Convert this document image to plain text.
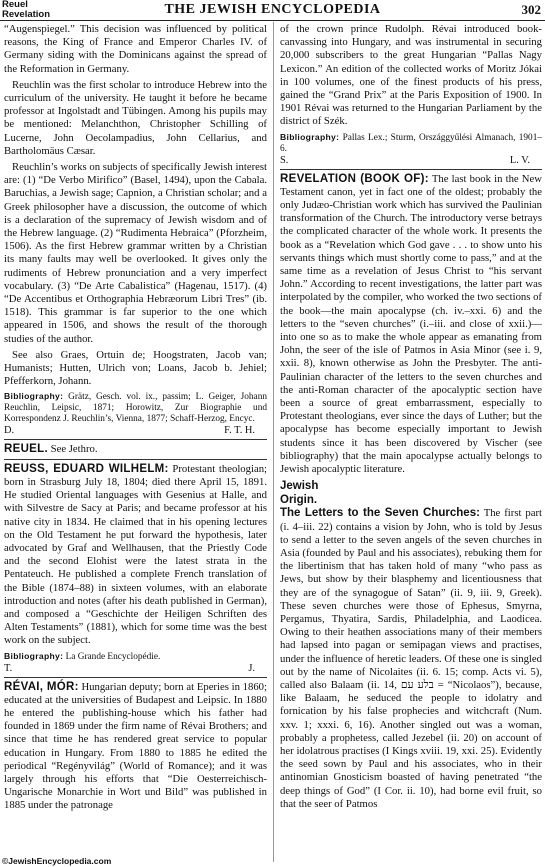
Reuel
Revelation	THE JEWISH ENCYCLOPEDIA	302

“Augenspiegel.” This decision was influenced by political reasons, the King of France and Emperor Charles IV. of Germany siding with the Dominicans against the spread of the Reformation in Germany.

Reuchlin was the first scholar to introduce Hebrew into the curriculum of the university. He taught it before he became professor at Ingolstadt and Tübingen. Among his pupils may be mentioned: Melanchthon, Christopher Schilling of Lucerne, John Oecolampadius, John Cellarius, and Bartholomäus Cæsar.

Reuchlin’s works on subjects of specifically Jewish interest are: (1) “De Verbo Mirifico” (Basel, 1494), upon the Cabala. Baruchias, a Jewish sage; Capnion, a Christian scholar; and a Greek philosopher have a discussion, the outcome of which is a declaration of the supremacy of Jewish wisdom and of the Hebrew language. (2) “Rudimenta Hebraica” (Pforzheim, 1506). As the first Hebrew grammar written by a Christian its many faults may well be overlooked. It gives only the rudiments of Hebrew pronunciation and a very imperfect vocabulary. (3) “De Arte Cabalistica” (Hagenau, 1517). (4) “De Accentibus et Orthographia Hebræorum Libri Tres” (ib. 1518). This grammar is far superior to the one which appeared in 1506, and shows the result of the thorough studies of the author.

See also Graes, Ortuin de; Hoogstraten, Jacob van; Humanists; Hutten, Ulrich von; Loans, Jacob b. Jehiel; Pfefferkorn, Johann.

Bibliography: Grätz, Gesch. vol. ix., passim; L. Geiger, Johann Reuchlin, Leipsic, 1871; Horowitz, Zur Biographie und Korrespondenz J. Reuchlin’s, Vienna, 1877; Schaff-Herzog, Encyc.
D.	F. T. H.

REUEL. See Jethro.

REUSS, EDUARD WILHELM: Protestant theologian; born in Strasburg July 18, 1804; died there April 15, 1891. He studied Oriental languages with Gesenius at Halle, and with Silvestre de Sacy at Paris; and became professor at his native city in 1834. He claimed that in his opening lectures on the Old Testament he put forward the hypothesis, later advocated by Graf and Wellhausen, that the Priestly Code and the second Elohist were the latest strata in the Pentateuch. He published a complete French translation of the Bible (1874–88) in sixteen volumes, with an elaborate introduction and notes (after his death published in German), and composed a “Geschichte der Heiligen Schriften des Alten Testaments” (1881), which for some time was the best work on the subject.

Bibliography: La Grande Encyclopédie.
T.	J.

RÉVAI, MÓR: Hungarian deputy; born at Eperies in 1860; educated at the universities of Budapest and Leipsic. In 1880 he entered the publishing-house which his father had founded in 1869 under the firm name of Révai Brothers; and since that time he has rendered great service to popular education in Hungary. From 1880 to 1885 he edited the periodical “Regényvilág” (World of Romance); and it was largely through his efforts that “Die Oesterreichisch-Ungarische Monarchie in Wort und Bild” was published in 1885 under the patronage

of the crown prince Rudolph. Révai introduced book-canvassing into Hungary, and was instrumental in securing 20,000 subscribers to the great Hungarian “Pallas Nagy Lexicon.” An edition of the collected works of Moritz Jókai in 100 volumes, one of the finest products of his press, gained the “Grand Prix” at the Paris Exposition of 1900. In 1901 Révai was returned to the Hungarian Parliament by the district of Szék.

Bibliography: Pallas Lex.; Sturm, Országgyűlési Almanach, 1901–6.
S.	L. V.

REVELATION (BOOK OF): The last book in the New Testament canon, yet in fact one of the oldest; probably the only Judæo-Christian work which has survived the Paulinian transformation of the Church. The introductory verse betrays the complicated character of the whole work. It presents the book as a “Revelation which God gave . . . to show unto his servants things which must shortly come to pass,” and at the same time as a revelation of Jesus Christ to “his servant John.” According to recent investigations, the latter part was interpolated by the compiler, who worked the two sections of the book—the main apocalypse (ch. iv.–xxi. 6) and the letters to the “seven churches” (i.–iii. and close of xxii.)—into one so as to make the whole appear as emanating from John, the seer of the isle of Patmos in Asia Minor (see i. 9, xxii. 8), known otherwise as John the Presbyter. The anti-Paulinian character of the letters to the seven churches and the anti-Roman character of the apocalyptic section have been a source of great embarrassment, especially to Protestant theologians, ever since the days of Luther; but the apocalypse has become especially important to Jewish students since it has been discovered by Vischer (see bibliography) that the main apocalypse actually belongs to Jewish apocalyptic literature.

Jewish Origin.

The Letters to the Seven Churches: The first part (i. 4–iii. 22) contains a vision by John, who is told by Jesus to send a letter to the seven angels of the seven churches in Asia (founded by Paul and his associates), rebuking them for the libertinism that has taken hold of many “who pass as Jews, but show by their blasphemy and licentiousness that they are of the synagogue of Satan” (ii. 9, iii. 9, Greek). These seven churches were those of Ephesus, Smyrna, Pergamus, Thyatira, Sardis, Philadelphia, and Laodicea. Owing to their heathen associations many of their members had lapsed into pagan or semipagan views and practises, under the influence of heretic leaders. Of these one is singled out by the name of Nicolaites (ii. 6. 15; comp. Acts vi. 5), called also Balaam (ii. 14, בלע עם = “Nicolaos”), because, like Balaam, he seduced the people to idolatry and fornication by his false prophecies and witchcraft (Num. xxv. 1; xxxi. 6, 16). Another singled out was a woman, probably a prophetess, called Jezebel (ii. 20) on account of her idolatrous practises (I Kings xviii. 19, xxi. 25). Evidently the seed sown by Paul and his associates, who in their antinomian Gnosticism boasted of having penetrated “the deep things of God” (I Cor. ii. 10), had borne evil fruit, so that the seer of Patmos

©JewishEncyclopedia.com
